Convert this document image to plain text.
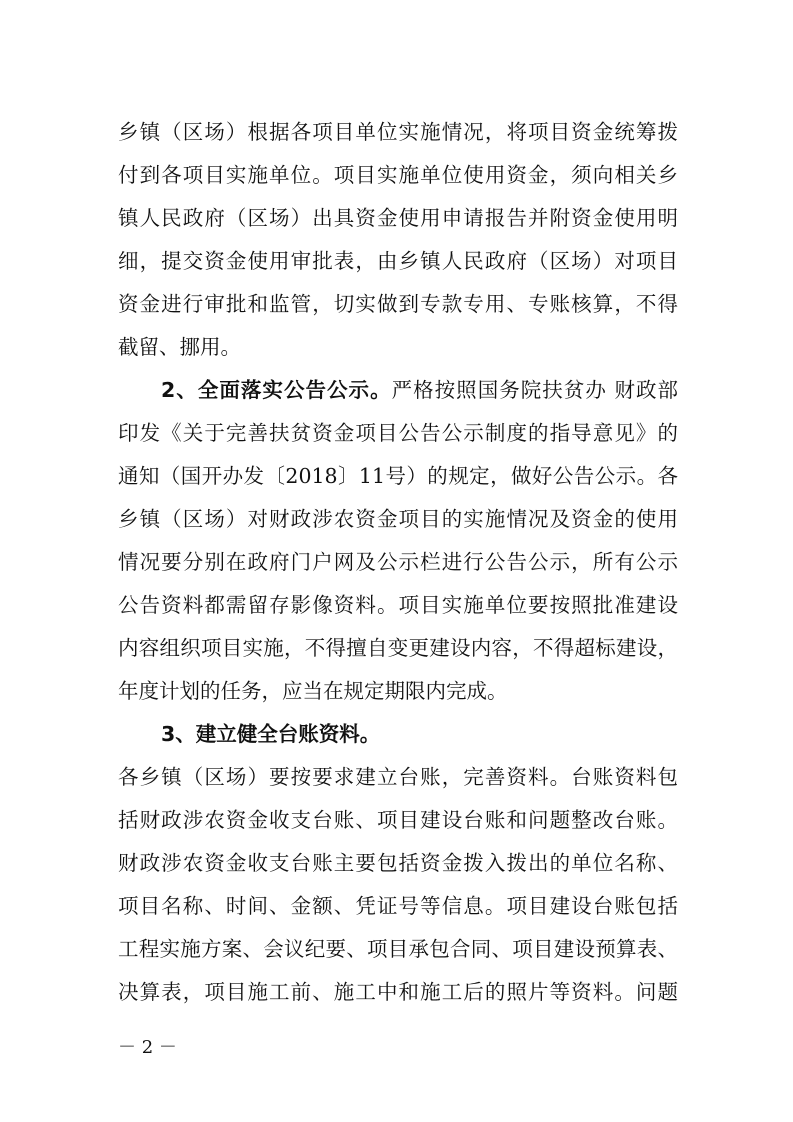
乡镇（区场）根据各项目单位实施情况，将项目资金统筹拨
付到各项目实施单位。项目实施单位使用资金，须向相关乡
镇人民政府（区场）出具资金使用申请报告并附资金使用明
细，提交资金使用审批表，由乡镇人民政府（区场）对项目
资金进行审批和监管，切实做到专款专用、专账核算，不得
截留、挪用。
2、全面落实公告公示。严格按照国务院扶贫办 财政部
印发《关于完善扶贫资金项目公告公示制度的指导意见》的
通知（国开办发〔2018〕11号）的规定，做好公告公示。各
乡镇（区场）对财政涉农资金项目的实施情况及资金的使用
情况要分别在政府门户网及公示栏进行公告公示，所有公示
公告资料都需留存影像资料。项目实施单位要按照批准建设
内容组织项目实施，不得擅自变更建设内容，不得超标建设，
年度计划的任务，应当在规定期限内完成。
3、建立健全台账资料。
各乡镇（区场）要按要求建立台账，完善资料。台账资料包
括财政涉农资金收支台账、项目建设台账和问题整改台账。
财政涉农资金收支台账主要包括资金拨入拨出的单位名称、
项目名称、时间、金额、凭证号等信息。项目建设台账包括
工程实施方案、会议纪要、项目承包合同、项目建设预算表、
决算表，项目施工前、施工中和施工后的照片等资料。问题
－ 2 －
